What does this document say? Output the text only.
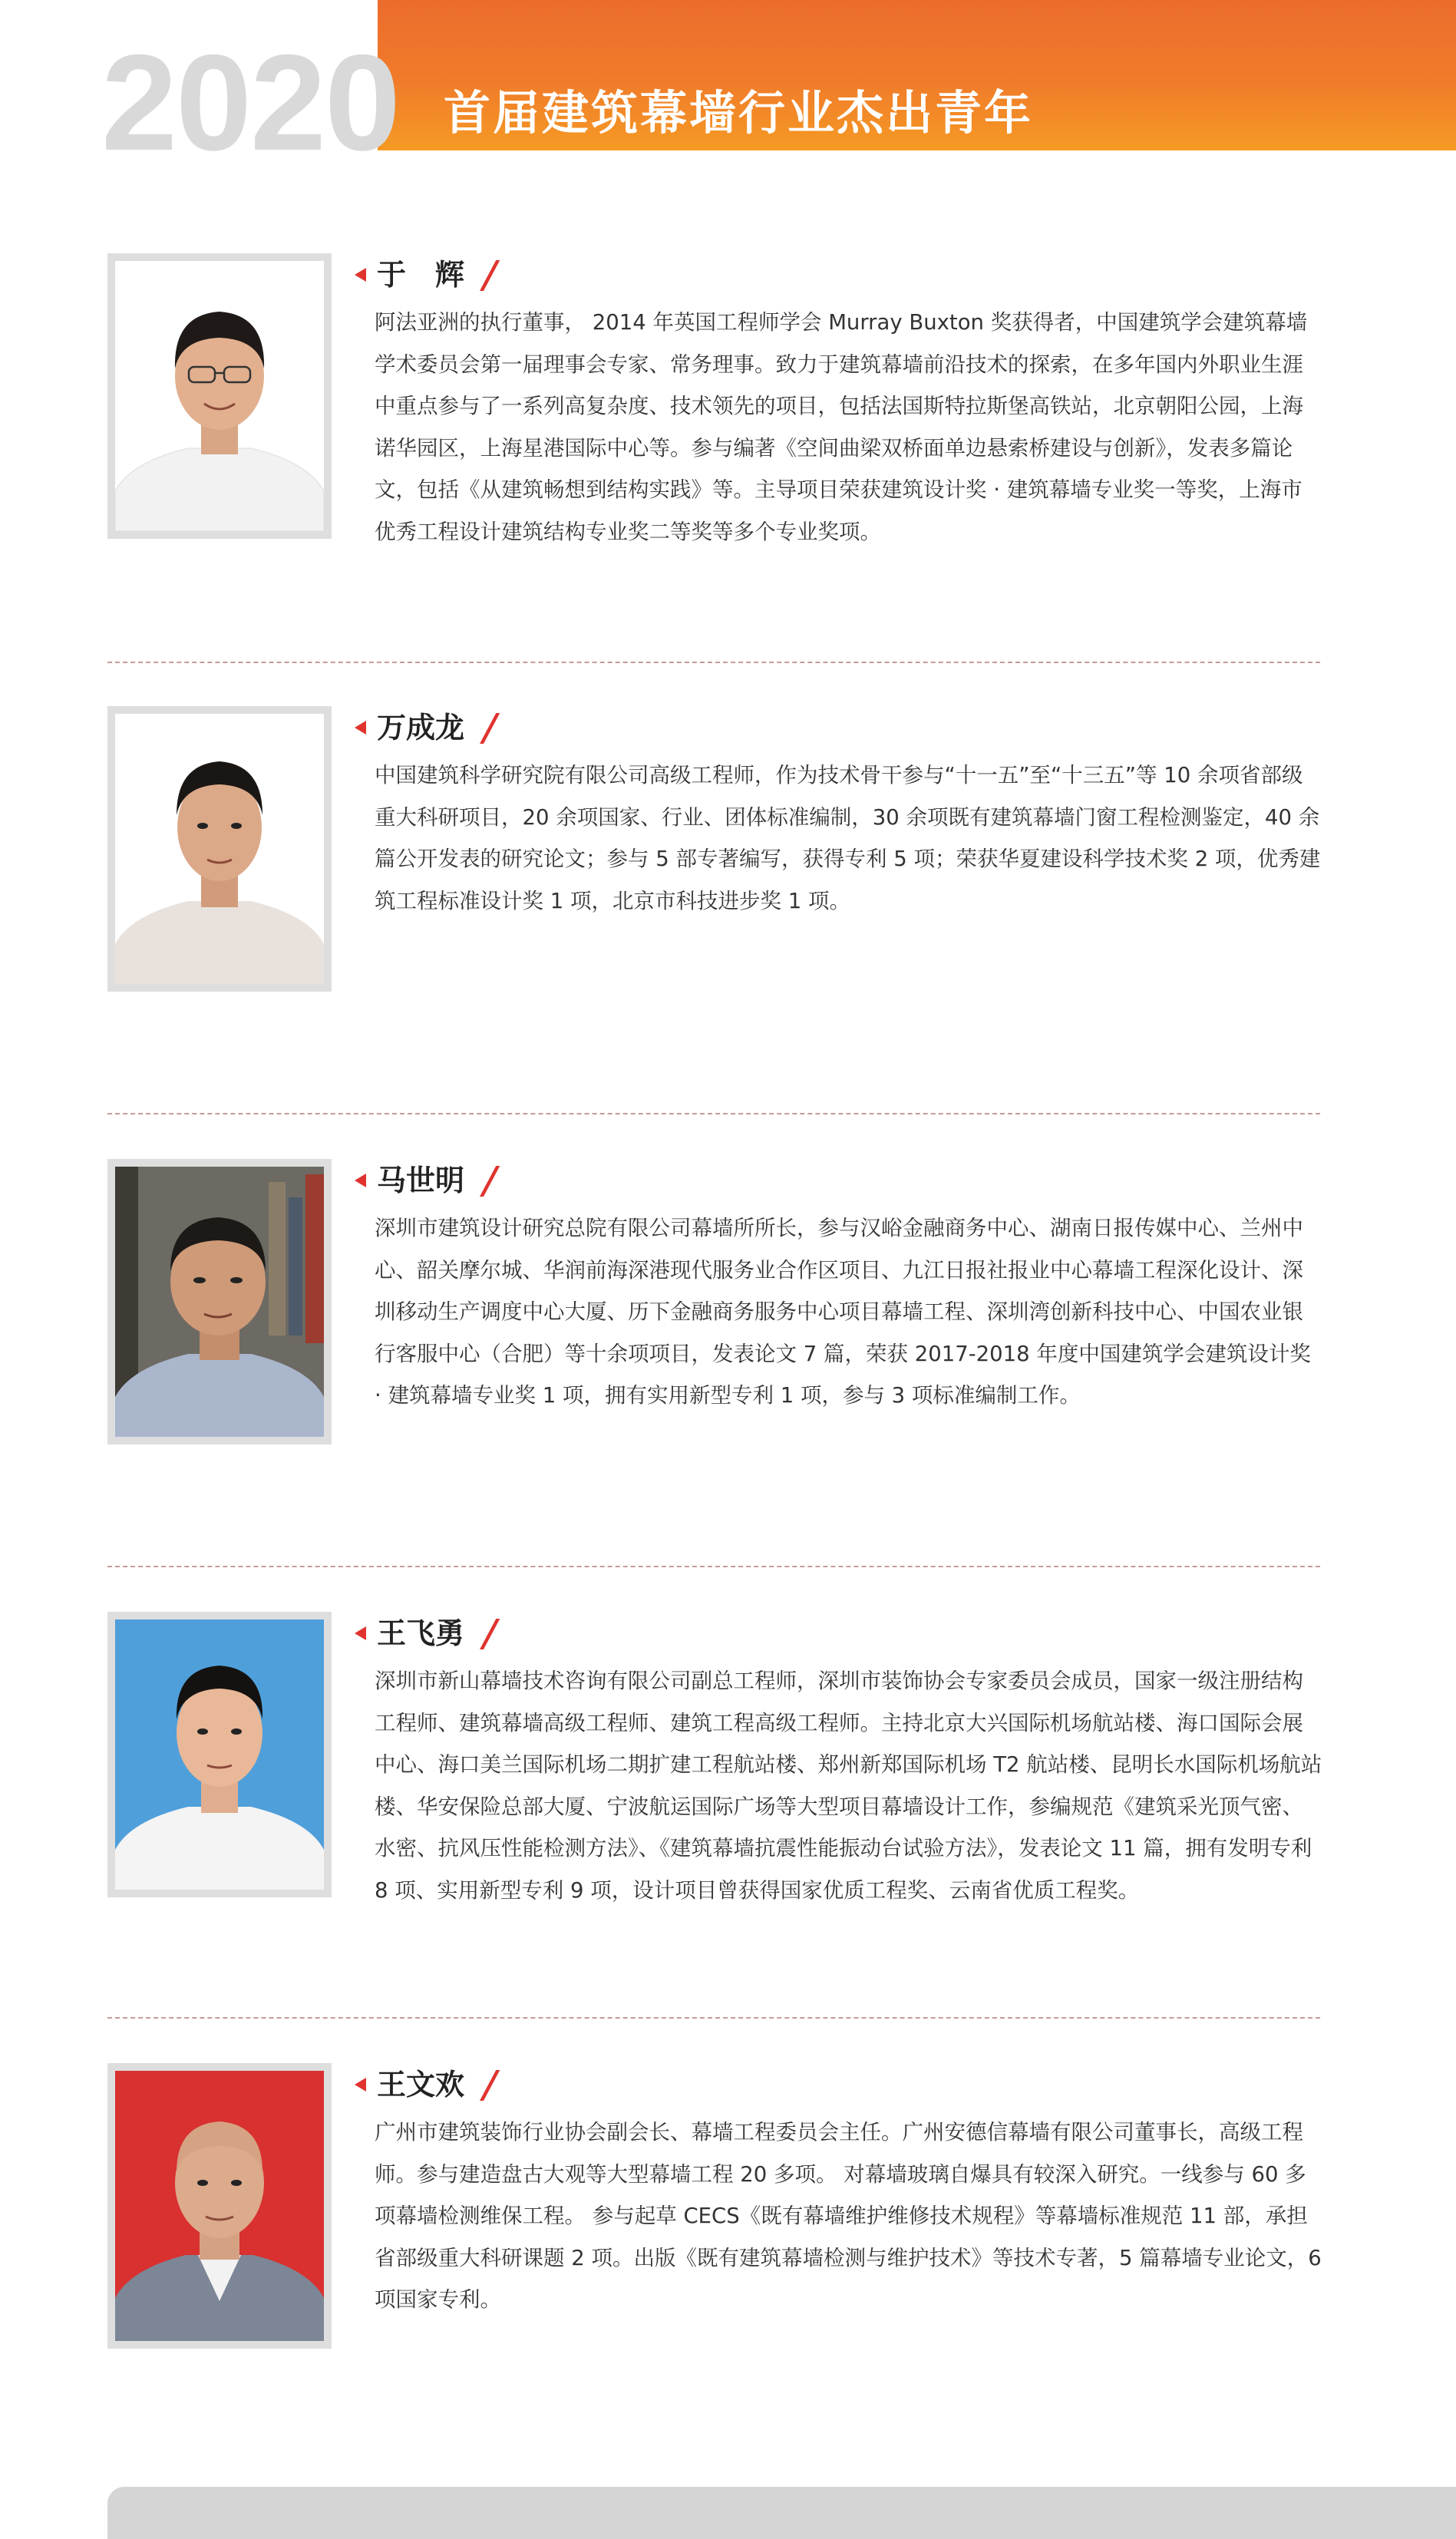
2020 首届建筑幕墙行业杰出青年
于　辉

阿法亚洲的执行董事， 2014 年英国工程师学会 Murray Buxton 奖获得者，中国建筑学会建筑幕墙学术委员会第一届理事会专家、常务理事。致力于建筑幕墙前沿技术的探索，在多年国内外职业生涯中重点参与了一系列高复杂度、技术领先的项目，包括法国斯特拉斯堡高铁站，北京朝阳公园，上海诺华园区，上海星港国际中心等。参与编著《空间曲梁双桥面单边悬索桥建设与创新》，发表多篇论文，包括《从建筑畅想到结构实践》等。主导项目荣获建筑设计奖 · 建筑幕墙专业奖一等奖，上海市优秀工程设计建筑结构专业奖二等奖等多个专业奖项。

万成龙

中国建筑科学研究院有限公司高级工程师，作为技术骨干参与“十一五”至“十三五”等 10 余项省部级重大科研项目，20 余项国家、行业、团体标准编制，30 余项既有建筑幕墙门窗工程检测鉴定，40 余篇公开发表的研究论文；参与 5 部专著编写，获得专利 5 项；荣获华夏建设科学技术奖 2 项，优秀建筑工程标准设计奖 1 项，北京市科技进步奖 1 项。

马世明

深圳市建筑设计研究总院有限公司幕墙所所长，参与汉峪金融商务中心、湖南日报传媒中心、兰州中心、韶关摩尔城、华润前海深港现代服务业合作区项目、九江日报社报业中心幕墙工程深化设计、深圳移动生产调度中心大厦、历下金融商务服务中心项目幕墙工程、深圳湾创新科技中心、中国农业银行客服中心（合肥）等十余项项目，发表论文 7 篇，荣获 2017-2018 年度中国建筑学会建筑设计奖 · 建筑幕墙专业奖 1 项，拥有实用新型专利 1 项，参与 3 项标准编制工作。

王飞勇

深圳市新山幕墙技术咨询有限公司副总工程师，深圳市装饰协会专家委员会成员，国家一级注册结构工程师、建筑幕墙高级工程师、建筑工程高级工程师。主持北京大兴国际机场航站楼、海口国际会展中心、海口美兰国际机场二期扩建工程航站楼、郑州新郑国际机场 T2 航站楼、昆明长水国际机场航站楼、华安保险总部大厦、宁波航运国际广场等大型项目幕墙设计工作，参编规范《建筑采光顶气密、水密、抗风压性能检测方法》、《建筑幕墙抗震性能振动台试验方法》，发表论文 11 篇，拥有发明专利 8 项、实用新型专利 9 项，设计项目曾获得国家优质工程奖、云南省优质工程奖。

王文欢

广州市建筑装饰行业协会副会长、幕墙工程委员会主任。广州安德信幕墙有限公司董事长，高级工程师。参与建造盘古大观等大型幕墙工程 20 多项。 对幕墙玻璃自爆具有较深入研究。一线参与 60 多项幕墙检测维保工程。 参与起草 CECS《既有幕墙维护维修技术规程》等幕墙标准规范 11 部，承担省部级重大科研课题 2 项。出版《既有建筑幕墙检测与维护技术》等技术专著，5 篇幕墙专业论文，6 项国家专利。
